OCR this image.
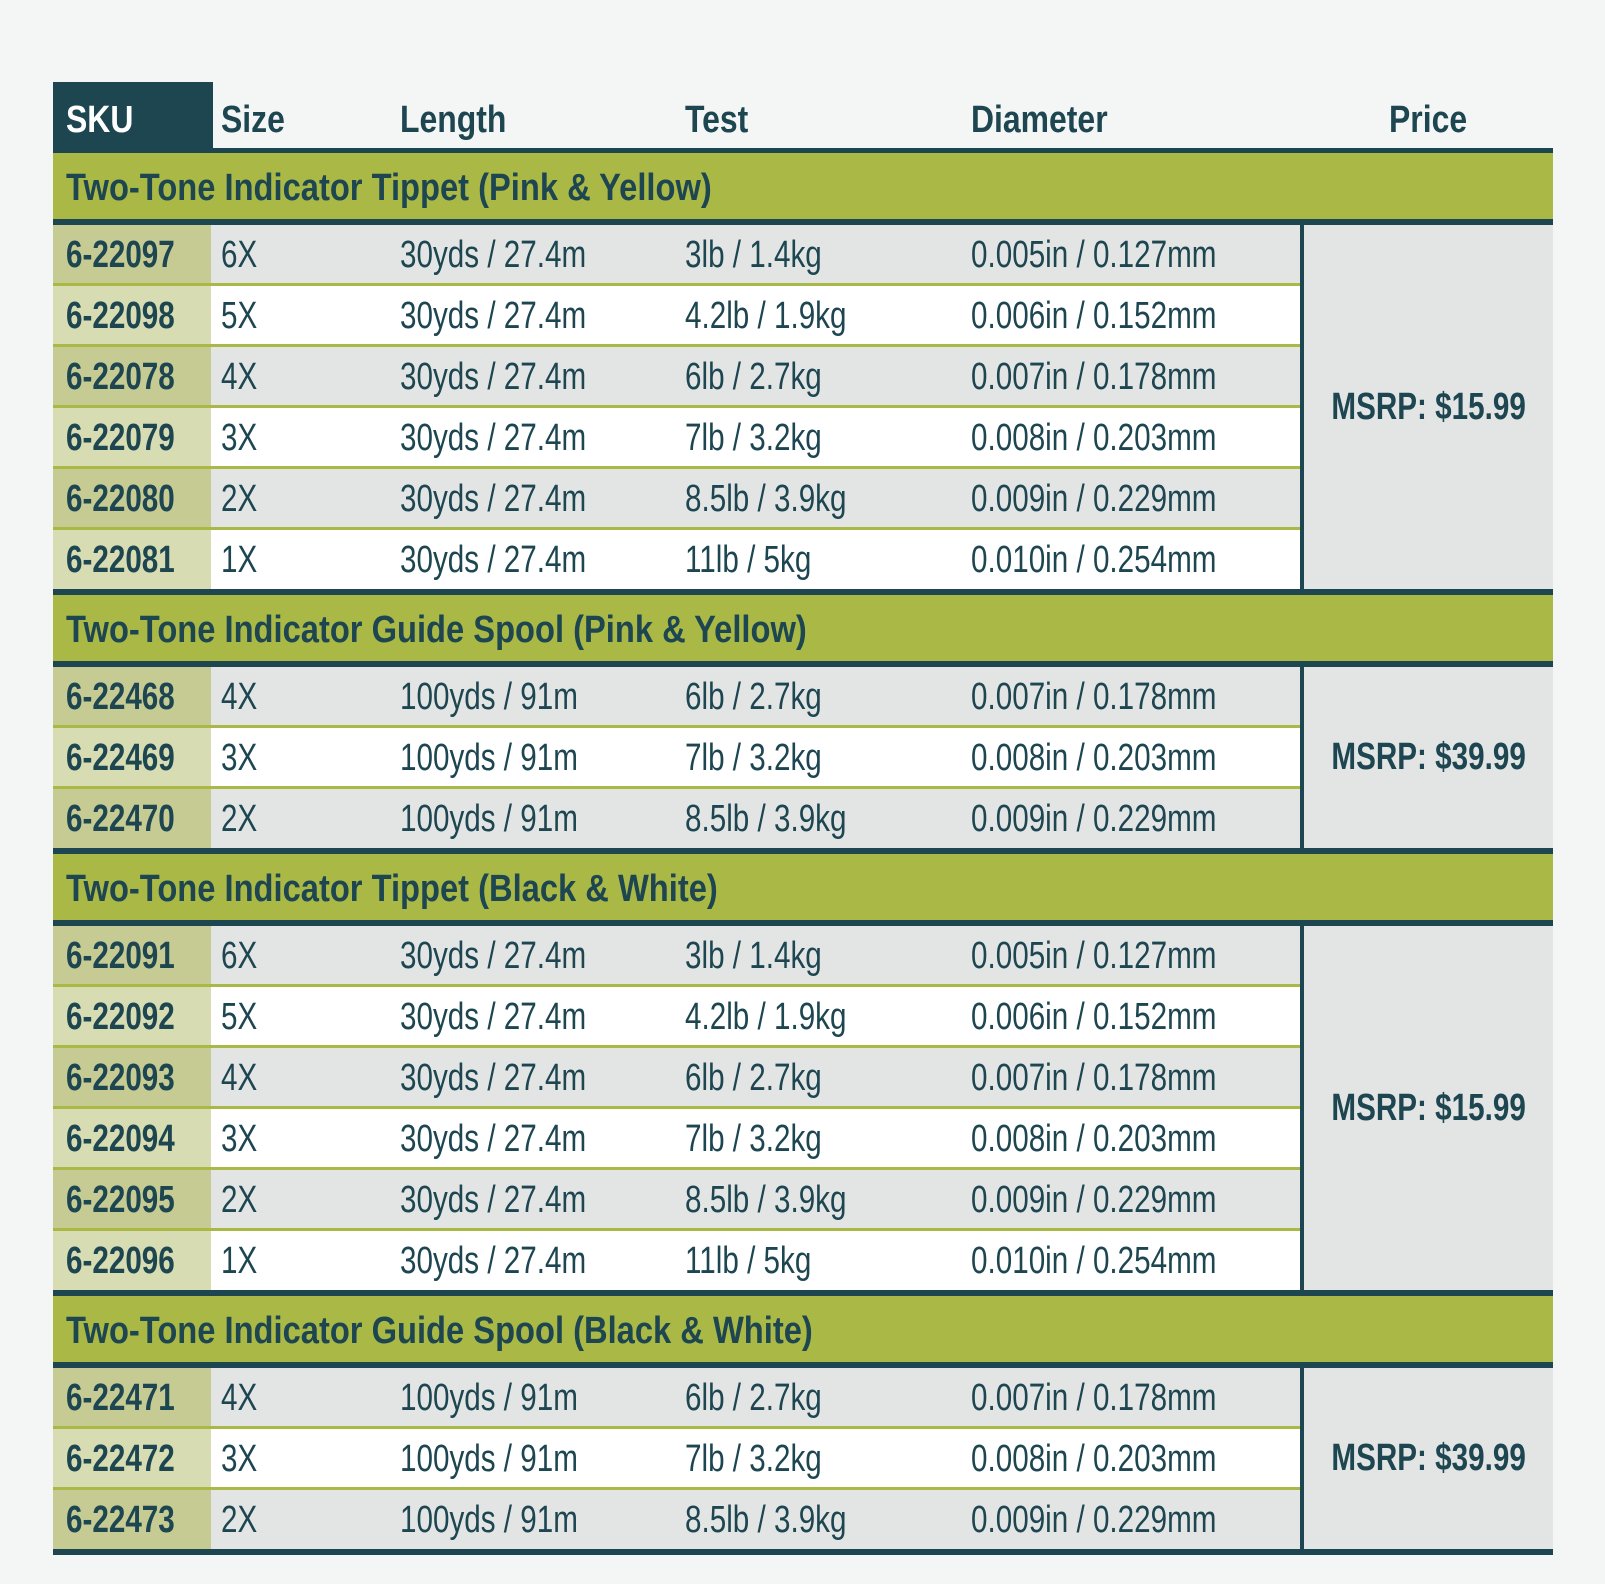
SKU	Size	Length	Test	Diameter	Price
Two-Tone Indicator Tippet (Pink & Yellow)
6-22097	6X	30yds / 27.4m	3lb / 1.4kg	0.005in / 0.127mm
6-22098	5X	30yds / 27.4m	4.2lb / 1.9kg	0.006in / 0.152mm
6-22078	4X	30yds / 27.4m	6lb / 2.7kg	0.007in / 0.178mm
6-22079	3X	30yds / 27.4m	7lb / 3.2kg	0.008in / 0.203mm
6-22080	2X	30yds / 27.4m	8.5lb / 3.9kg	0.009in / 0.229mm
6-22081	1X	30yds / 27.4m	11lb / 5kg	0.010in / 0.254mm
MSRP: $15.99
Two-Tone Indicator Guide Spool (Pink & Yellow)
6-22468	4X	100yds / 91m	6lb / 2.7kg	0.007in / 0.178mm
6-22469	3X	100yds / 91m	7lb / 3.2kg	0.008in / 0.203mm
6-22470	2X	100yds / 91m	8.5lb / 3.9kg	0.009in / 0.229mm
MSRP: $39.99
Two-Tone Indicator Tippet (Black & White)
6-22091	6X	30yds / 27.4m	3lb / 1.4kg	0.005in / 0.127mm
6-22092	5X	30yds / 27.4m	4.2lb / 1.9kg	0.006in / 0.152mm
6-22093	4X	30yds / 27.4m	6lb / 2.7kg	0.007in / 0.178mm
6-22094	3X	30yds / 27.4m	7lb / 3.2kg	0.008in / 0.203mm
6-22095	2X	30yds / 27.4m	8.5lb / 3.9kg	0.009in / 0.229mm
6-22096	1X	30yds / 27.4m	11lb / 5kg	0.010in / 0.254mm
MSRP: $15.99
Two-Tone Indicator Guide Spool (Black & White)
6-22471	4X	100yds / 91m	6lb / 2.7kg	0.007in / 0.178mm
6-22472	3X	100yds / 91m	7lb / 3.2kg	0.008in / 0.203mm
6-22473	2X	100yds / 91m	8.5lb / 3.9kg	0.009in / 0.229mm
MSRP: $39.99
